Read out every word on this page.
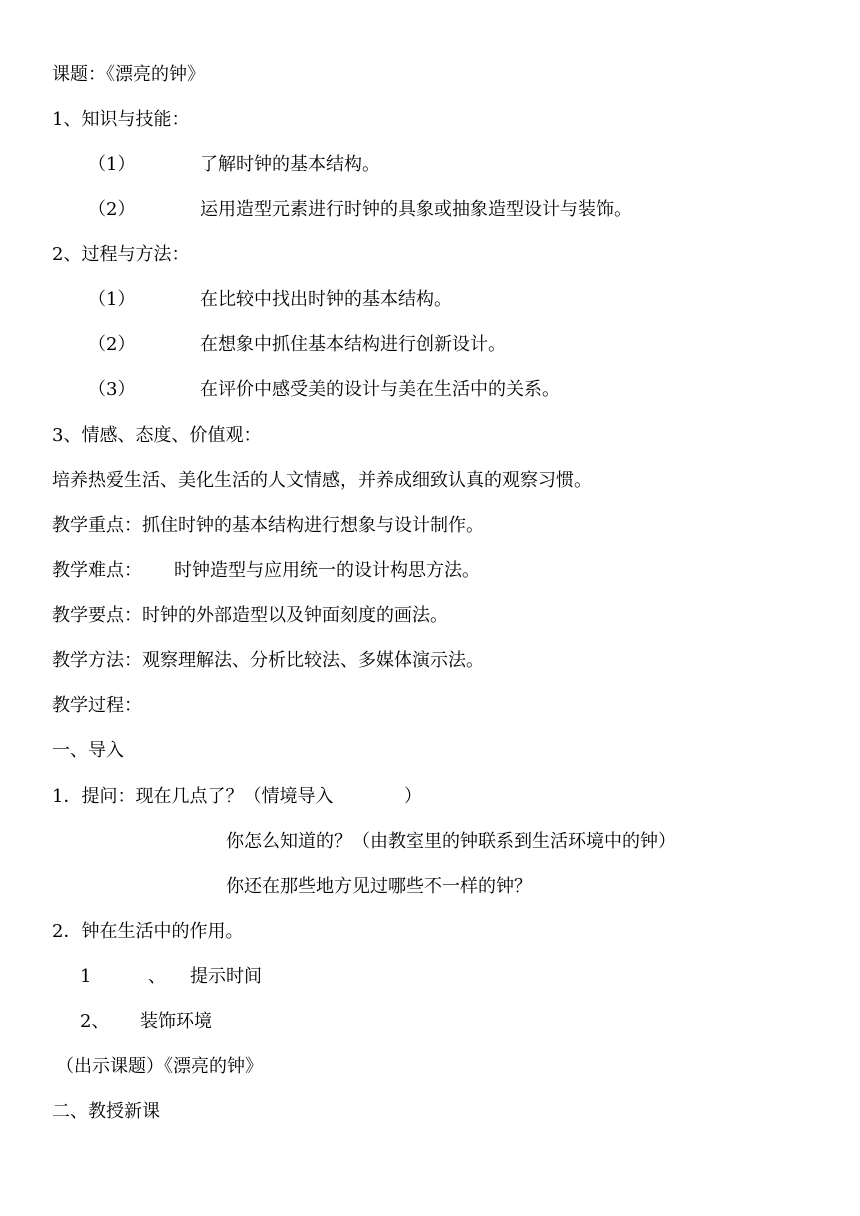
课题：《漂亮的钟》
1、知识与技能：
（1）	了解时钟的基本结构。
（2）	运用造型元素进行时钟的具象或抽象造型设计与装饰。
2、过程与方法：
（1）	在比较中找出时钟的基本结构。
（2）	在想象中抓住基本结构进行创新设计。
（3）	在评价中感受美的设计与美在生活中的关系。
3、情感、态度、价值观：
培养热爱生活、美化生活的人文情感，并养成细致认真的观察习惯。
教学重点：抓住时钟的基本结构进行想象与设计制作。
教学难点： 时钟造型与应用统一的设计构思方法。
教学要点：时钟的外部造型以及钟面刻度的画法。
教学方法：观察理解法、分析比较法、多媒体演示法。
教学过程：
一、导入
1．提问：现在几点了？（情境导入	）
你怎么知道的？（由教室里的钟联系到生活环境中的钟）
你还在那些地方见过哪些不一样的钟？
2．钟在生活中的作用。
1	、 提示时间
2、 装饰环境
（出示课题）《漂亮的钟》
二、教授新课
